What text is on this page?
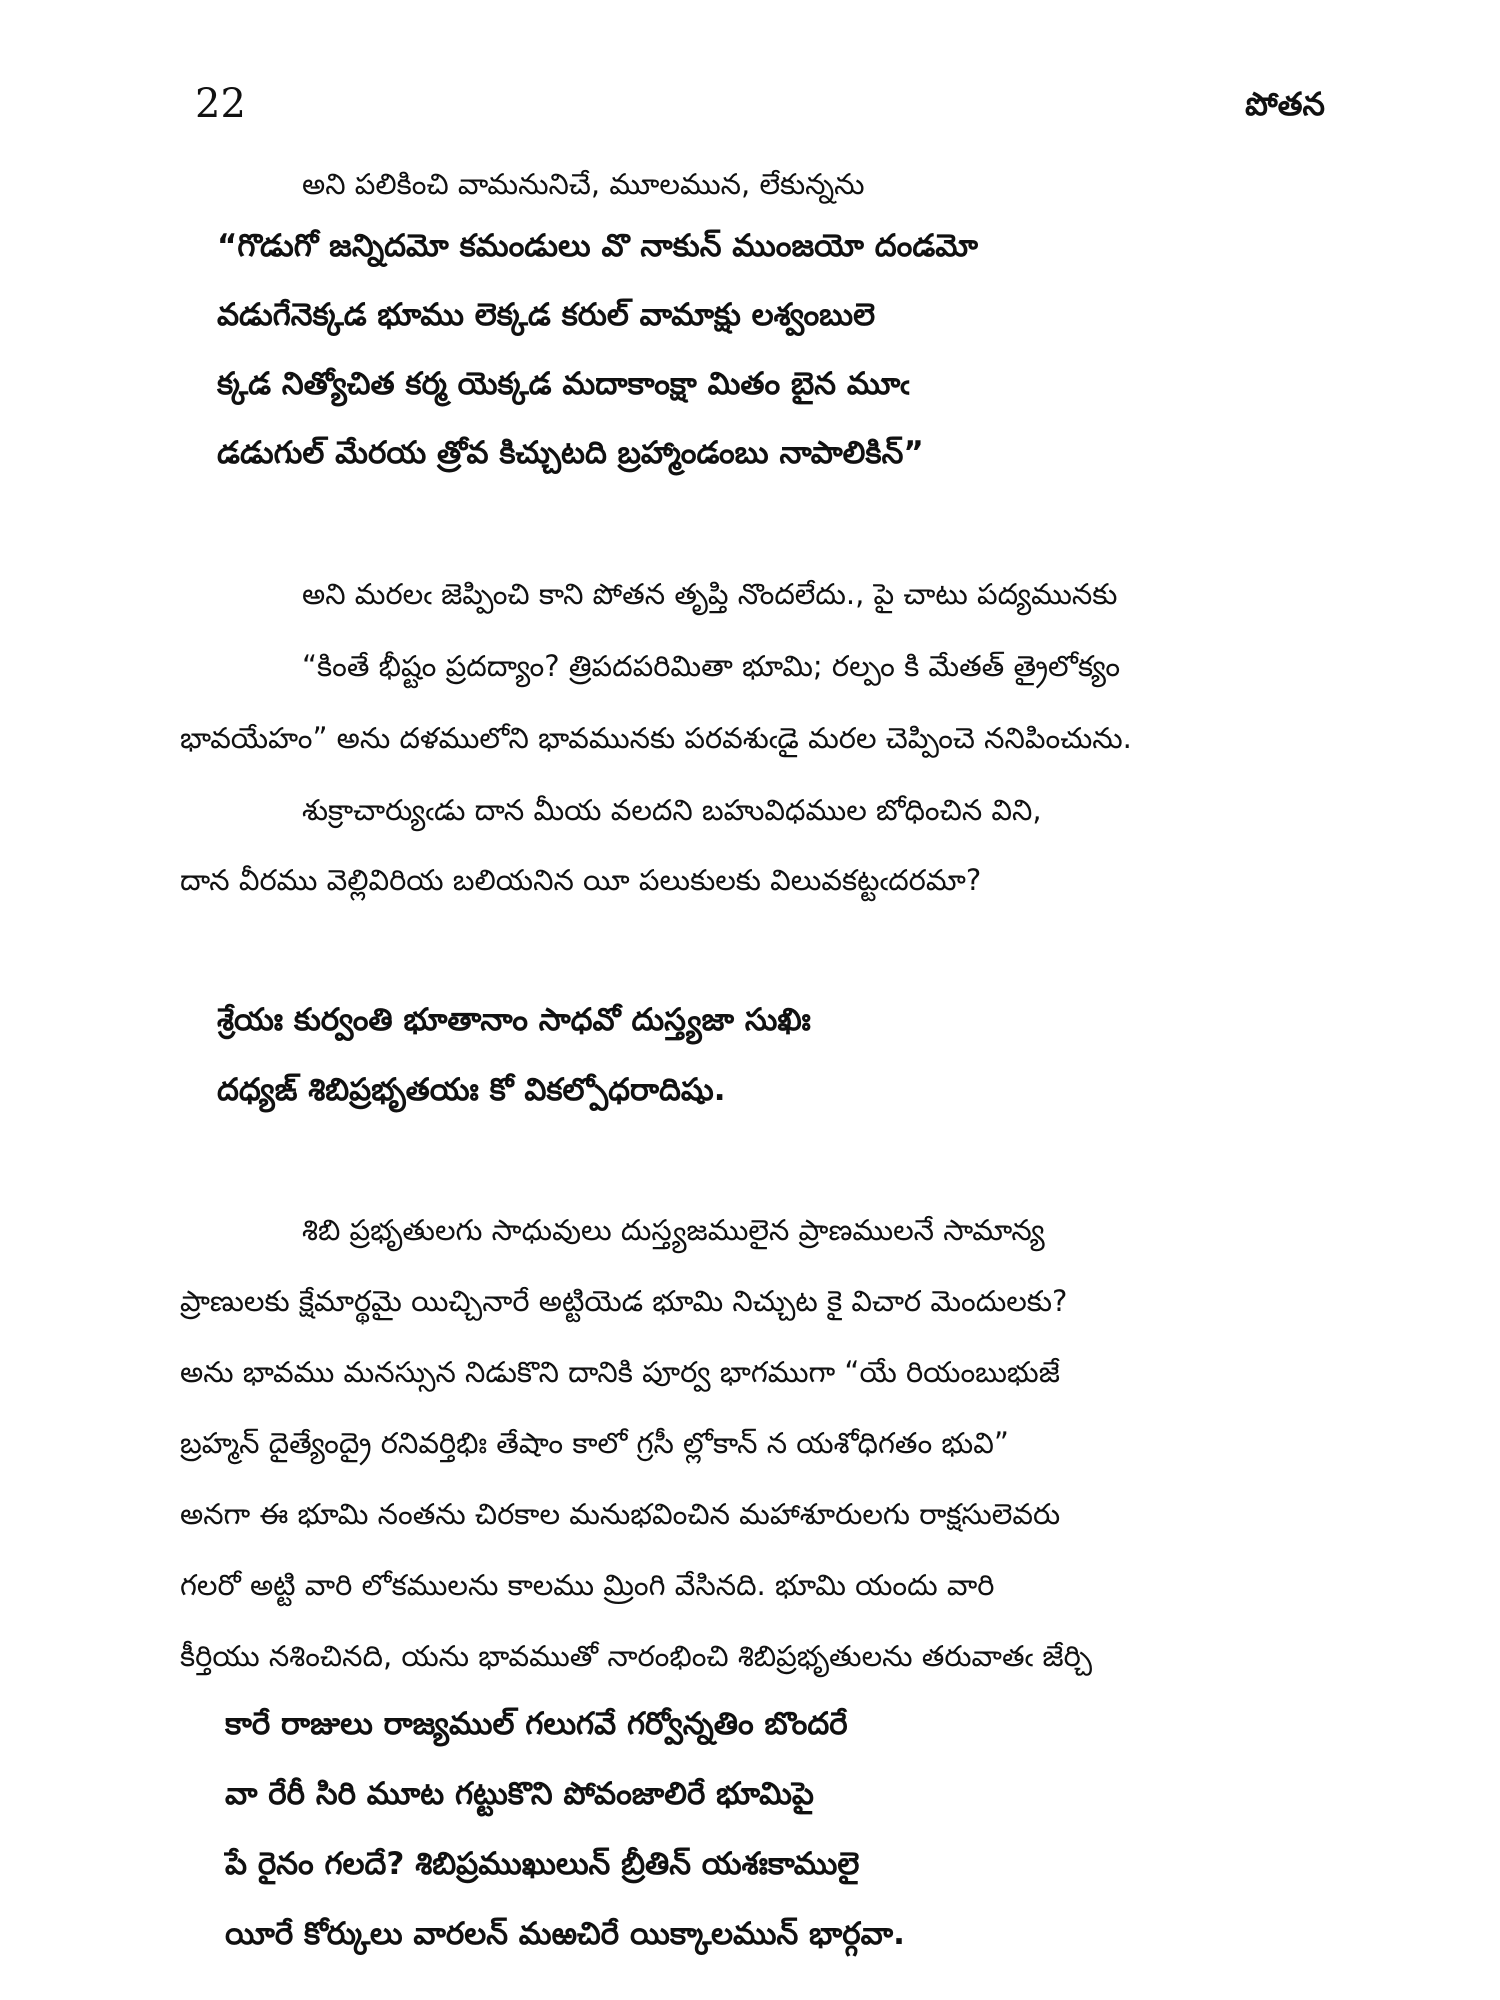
22	పోతన
అని పలికించి వామనునిచే, మూలమున, లేకున్నను
“గొడుగో జన్నిదమో కమండులు వొ నాకున్ ముంజయో దండమో
వడుగేనెక్కడ భూము లెక్కడ కరుల్ వామాక్షు లశ్వంబులె
క్కడ నిత్యోచిత కర్మ యెక్కడ మదాకాంక్షా మితం బైన మూఁ
డడుగుల్ మేరయ త్రోవ కిచ్చుటది బ్రహ్మాండంబు నాపాలికిన్”
అని మరలఁ జెప్పించి కాని పోతన తృప్తి నొందలేదు., పై చాటు పద్యమునకు
“కింతే భీష్టం ప్రదద్యాం? త్రిపదపరిమితా భూమి; రల్పం కి మేతత్ త్రైలోక్యం
భావయేహం” అను దళములోని భావమునకు పరవశుఁడై మరల చెప్పించె ననిపించును.
శుక్రాచార్యుఁడు దాన మీయ వలదని బహువిధముల బోధించిన విని,
దాన వీరము వెల్లివిరియ బలియనిన యీ పలుకులకు విలువకట్టఁదరమా?
శ్రేయః కుర్వంతి భూతానాం సాధవో దుస్త్యజా సుఖిః
దధ్యఙ్ శిబిప్రభృతయః కో వికల్పోధరాదిషు.
శిబి ప్రభృతులగు సాధువులు దుస్త్యజములైన ప్రాణములనే సామాన్య
ప్రాణులకు క్షేమార్థమై యిచ్చినారే అట్టియెడ భూమి నిచ్చుట కై విచార మెందులకు?
అను భావము మనస్సున నిడుకొని దానికి పూర్వ భాగముగా “యే రియంబుభుజే
బ్రహ్మన్ దైత్యేంద్రై రనివర్తిభిః తేషాం కాలో గ్రసీ ల్లోకాన్ న యశోధిగతం భువి”
అనగా ఈ భూమి నంతను చిరకాల మనుభవించిన మహాశూరులగు రాక్షసులెవరు
గలరో అట్టి వారి లోకములను కాలము మ్రింగి వేసినది. భూమి యందు వారి
కీర్తియు నశించినది, యను భావముతో నారంభించి శిబిప్రభృతులను తరువాతఁ జేర్చి
కారే రాజులు రాజ్యముల్ గలుగవే గర్వోన్నతిం బొందరే
వా రేరీ సిరి మూట గట్టుకొని పోవంజాలిరే భూమిపై
పే రైనం గలదే? శిబిప్రముఖులున్ బ్రీతిన్ యశఃకాములై
యీరే కోర్కులు వారలన్ మఱచిరే యిక్కాలమున్ భార్గవా.
